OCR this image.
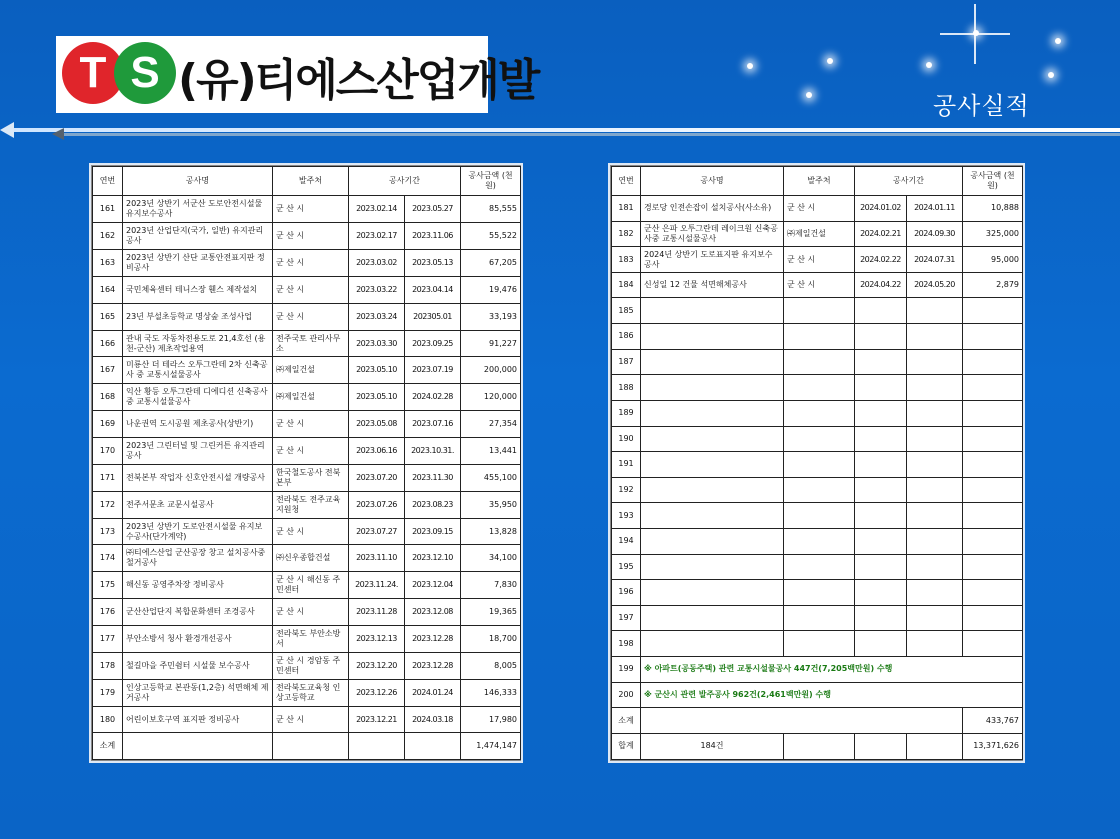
T S (유)티에스산업개발	공사실적
연번	공사명	발주처	공사기간		공사금액 (천원)
161	2023년 상반기 서군산 도로안전시설물 유지보수공사	군 산 시	2023.02.14	2023.05.27	85,555
162	2023년 산업단지(국가, 일반) 유지관리공사	군 산 시	2023.02.17	2023.11.06	55,522
163	2023년 상반기 산단 교통안전표지판 정비공사	군 산 시	2023.03.02	2023.05.13	67,205
164	국민체육센터 테니스장 휀스 제작설치	군 산 시	2023.03.22	2023.04.14	19,476
165	23년 부설초등학교 명상숲 조성사업	군 산 시	2023.03.24	202305.01	33,193
166	관내 국도 자동차전용도로 21,4호선 (용천-군산) 제초작업용역	전주국토 관리사무소	2023.03.30	2023.09.25	91,227
167	미룡산 더 테라스 오투그란데 2차 신축공사 중 교통시설물공사	㈜제일건설	2023.05.10	2023.07.19	200,000
168	익산 황등 오투그란데 디에디션 신축공사중 교통시설물공사	㈜제일건설	2023.05.10	2024.02.28	120,000
169	나운권역 도시공원 제초공사(상반기)	군 산 시	2023.05.08	2023.07.16	27,354
170	2023년 그린터널 및 그린커튼 유지관리공사	군 산 시	2023.06.16	2023.10.31.	13,441
171	전북본부 작업자 신호안전시설 개량공사	한국철도공사 전북본부	2023.07.20	2023.11.30	455,100
172	전주서문초 교문시설공사	전라북도 전주교육지원청	2023.07.26	2023.08.23	35,950
173	2023년 상반기 도로안전시설물 유지보수공사(단가계약)	군 산 시	2023.07.27	2023.09.15	13,828
174	㈜티에스산업 군산공장 창고 설치공사중 철거공사	㈜신우종합건설	2023.11.10	2023.12.10	34,100
175	해신동 공영주차장 정비공사	군 산 시 해신동 주민센터	2023.11.24.	2023.12.04	7,830
176	군산산업단지 복합문화센터 조경공사	군 산 시	2023.11.28	2023.12.08	19,365
177	부안소방서 청사 환경개선공사	전라북도 부안소방서	2023.12.13	2023.12.28	18,700
178	철길마을 주민쉼터 시설물 보수공사	군 산 시 경암동 주민센터	2023.12.20	2023.12.28	8,005
179	인상고등학교 본관동(1,2층) 석면해체 제거공사	전라북도교육청 인상고등학교	2023.12.26	2024.01.24	146,333
180	어린이보호구역 표지판 정비공사	군 산 시	2023.12.21	2024.03.18	17,980
소계					1,474,147
연번	공사명	발주처	공사기간		공사금액 (천원)
181	경로당 인전손잡이 설치공사(사소유)	군 산 시	2024.01.02	2024.01.11	10,888
182	군산 은파 오투그란데 레이크원 신축공사중 교통시설물공사	㈜제일건설	2024.02.21	2024.09.30	325,000
183	2024년 상반기 도로표지판 유지보수공사	군 산 시	2024.02.22	2024.07.31	95,000
184	신성일 12 건물 석면해체공사	군 산 시	2024.04.22	2024.05.20	2,879
185					
186					
187					
188					
189					
190					
191					
192					
193					
194					
195					
196					
197					
198					
199	※ 아파트(공동주택) 관련 교통시설물공사 447건(7,205백만원) 수행				
200	※ 군산시 관련 발주공사 962건(2,461백만원) 수행				
소계					433,767
합계	184건				13,371,626
